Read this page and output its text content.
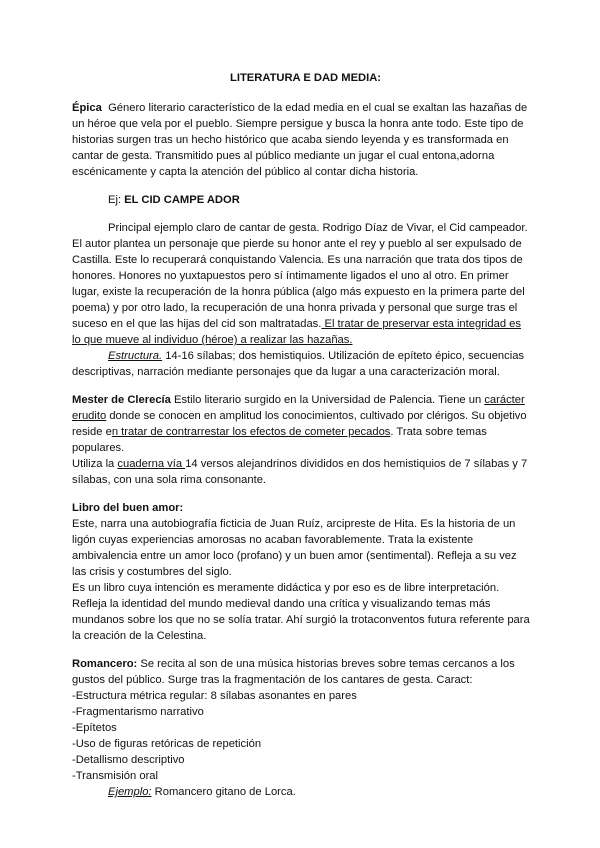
LITERATURA E DAD MEDIA:
Épica Género literario característico de la edad media en el cual se exaltan las hazañas de
un héroe que vela por el pueblo. Siempre persigue y busca la honra ante todo. Este tipo de
historias surgen tras un hecho histórico que acaba siendo leyenda y es transformada en
cantar de gesta. Transmitido pues al público mediante un jugar el cual entona,adorna
escénicamente y capta la atención del público al contar dicha historia.
Ej: EL CID CAMPE ADOR
Principal ejemplo claro de cantar de gesta. Rodrigo Díaz de Vivar, el Cid campeador.
El autor plantea un personaje que pierde su honor ante el rey y pueblo al ser expulsado de
Castilla. Este lo recuperará conquistando Valencia. Es una narración que trata dos tipos de
honores. Honores no yuxtapuestos pero sí íntimamente ligados el uno al otro. En primer
lugar, existe la recuperación de la honra pública (algo más expuesto en la primera parte del
poema) y por otro lado, la recuperación de una honra privada y personal que surge tras el
suceso en el que las hijas del cid son maltratadas. El tratar de preservar esta integridad es
lo que mueve al individuo (héroe) a realizar las hazañas.
Estructura. 14-16 sílabas; dos hemistiquios. Utilización de epíteto épico, secuencias
descriptivas, narración mediante personajes que da lugar a una caracterización moral.
Mester de Clerecía Estilo literario surgido en la Universidad de Palencia. Tiene un carácter
erudito donde se conocen en amplitud los conocimientos, cultivado por clérigos. Su objetivo
reside en tratar de contrarrestar los efectos de cometer pecados. Trata sobre temas
populares.
Utiliza la cuaderna vía 14 versos alejandrinos divididos en dos hemistiquios de 7 sílabas y 7
sílabas, con una sola rima consonante.
Libro del buen amor:
Este, narra una autobiografía ficticia de Juan Ruíz, arcipreste de Hita. Es la historia de un
ligón cuyas experiencias amorosas no acaban favorablemente. Trata la existente
ambivalencia entre un amor loco (profano) y un buen amor (sentimental). Refleja a su vez
las crisis y costumbres del siglo.
Es un libro cuya intención es meramente didáctica y por eso es de libre interpretación.
Refleja la identidad del mundo medieval dando una crítica y visualizando temas más
mundanos sobre los que no se solía tratar. Ahí surgió la trotaconventos futura referente para
la creación de la Celestina.
Romancero: Se recita al son de una música historias breves sobre temas cercanos a los
gustos del público. Surge tras la fragmentación de los cantares de gesta. Caract:
-Estructura métrica regular: 8 sílabas asonantes en pares
-Fragmentarismo narrativo
-Epítetos
-Uso de figuras retóricas de repetición
-Detallismo descriptivo
-Transmisión oral
Ejemplo: Romancero gitano de Lorca.
